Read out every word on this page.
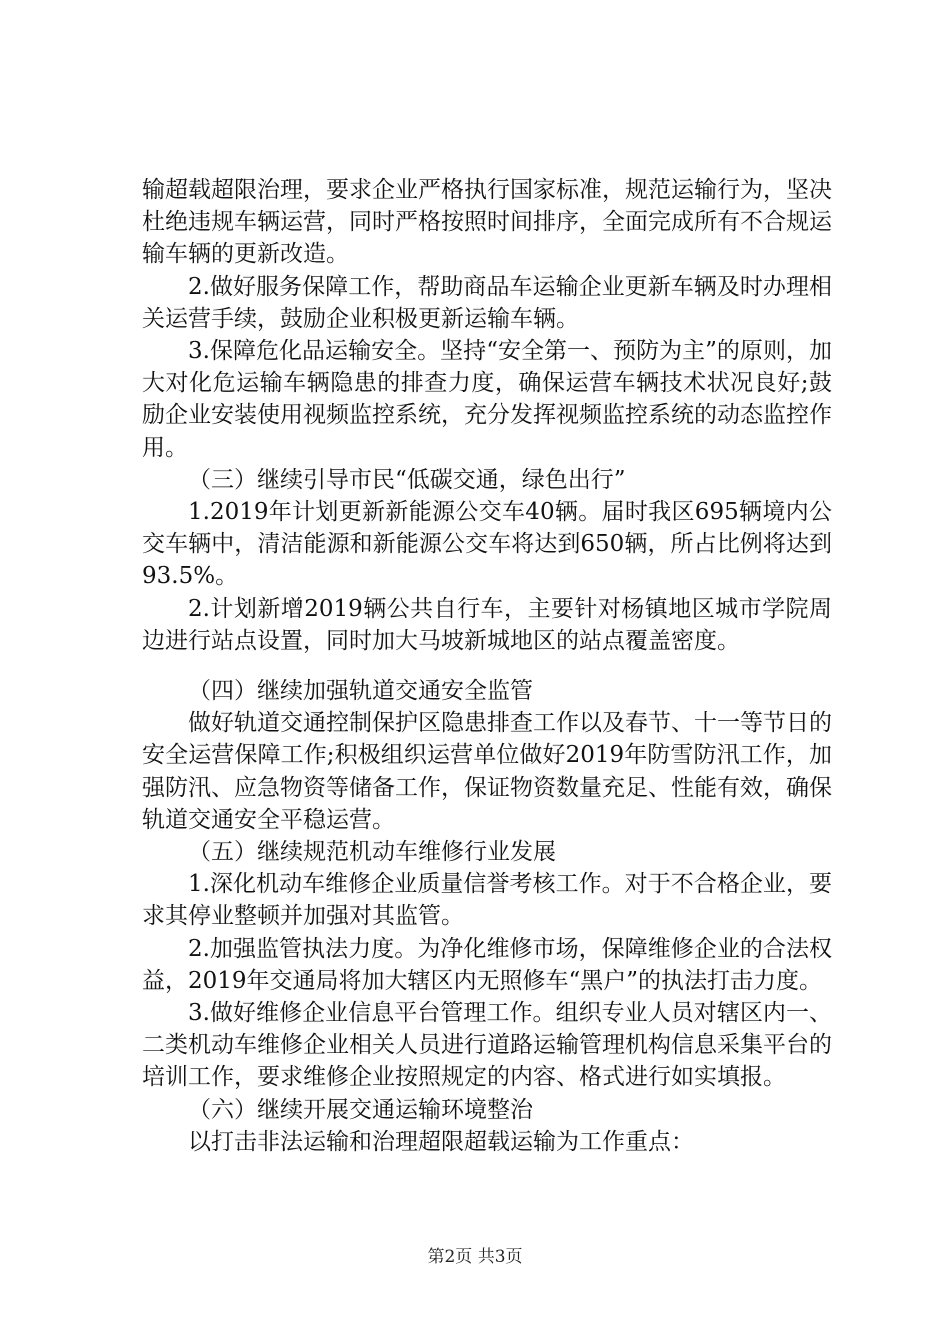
输超载超限治理，要求企业严格执行国家标准，规范运输行为，坚决杜绝违规车辆运营，同时严格按照时间排序，全面完成所有不合规运输车辆的更新改造。

2.做好服务保障工作，帮助商品车运输企业更新车辆及时办理相关运营手续，鼓励企业积极更新运输车辆。

3.保障危化品运输安全。坚持“安全第一、预防为主”的原则，加大对化危运输车辆隐患的排查力度，确保运营车辆技术状况良好;鼓励企业安装使用视频监控系统，充分发挥视频监控系统的动态监控作用。

（三）继续引导市民“低碳交通，绿色出行”

1.2019年计划更新新能源公交车40辆。届时我区695辆境内公交车辆中，清洁能源和新能源公交车将达到650辆，所占比例将达到93.5%。

2.计划新增2019辆公共自行车，主要针对杨镇地区城市学院周边进行站点设置，同时加大马坡新城地区的站点覆盖密度。

（四）继续加强轨道交通安全监管

做好轨道交通控制保护区隐患排查工作以及春节、十一等节日的安全运营保障工作;积极组织运营单位做好2019年防雪防汛工作，加强防汛、应急物资等储备工作，保证物资数量充足、性能有效，确保轨道交通安全平稳运营。

（五）继续规范机动车维修行业发展

1.深化机动车维修企业质量信誉考核工作。对于不合格企业，要求其停业整顿并加强对其监管。

2.加强监管执法力度。为净化维修市场，保障维修企业的合法权益，2019年交通局将加大辖区内无照修车“黑户”的执法打击力度。

3.做好维修企业信息平台管理工作。组织专业人员对辖区内一、二类机动车维修企业相关人员进行道路运输管理机构信息采集平台的培训工作，要求维修企业按照规定的内容、格式进行如实填报。

（六）继续开展交通运输环境整治

以打击非法运输和治理超限超载运输为工作重点：

第2页 共3页
